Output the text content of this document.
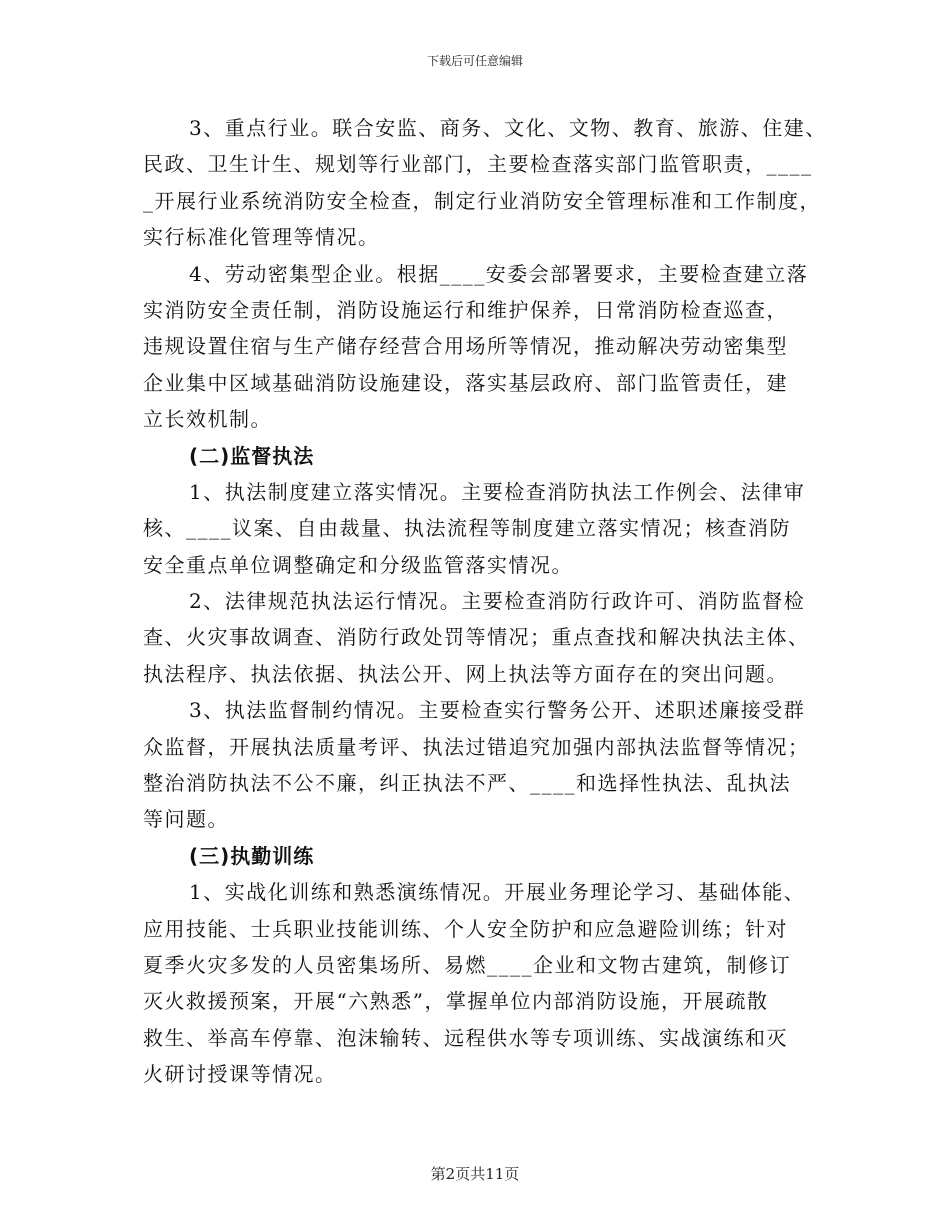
下载后可任意编辑
3、重点行业。联合安监、商务、文化、文物、教育、旅游、住建、
民政、卫生计生、规划等行业部门，主要检查落实部门监管职责，____
_开展行业系统消防安全检查，制定行业消防安全管理标准和工作制度，
实行标准化管理等情况。
4、劳动密集型企业。根据____安委会部署要求，主要检查建立落
实消防安全责任制，消防设施运行和维护保养，日常消防检查巡查，
违规设置住宿与生产储存经营合用场所等情况，推动解决劳动密集型
企业集中区域基础消防设施建设，落实基层政府、部门监管责任，建
立长效机制。
(二)监督执法
1、执法制度建立落实情况。主要检查消防执法工作例会、法律审
核、____议案、自由裁量、执法流程等制度建立落实情况；核查消防
安全重点单位调整确定和分级监管落实情况。
2、法律规范执法运行情况。主要检查消防行政许可、消防监督检
查、火灾事故调查、消防行政处罚等情况；重点查找和解决执法主体、
执法程序、执法依据、执法公开、网上执法等方面存在的突出问题。
3、执法监督制约情况。主要检查实行警务公开、述职述廉接受群
众监督，开展执法质量考评、执法过错追究加强内部执法监督等情况；
整治消防执法不公不廉，纠正执法不严、____和选择性执法、乱执法
等问题。
(三)执勤训练
1、实战化训练和熟悉演练情况。开展业务理论学习、基础体能、
应用技能、士兵职业技能训练、个人安全防护和应急避险训练；针对
夏季火灾多发的人员密集场所、易燃____企业和文物古建筑，制修订
灭火救援预案，开展“六熟悉”，掌握单位内部消防设施，开展疏散
救生、举高车停靠、泡沫输转、远程供水等专项训练、实战演练和灭
火研讨授课等情况。
第2页共11页
